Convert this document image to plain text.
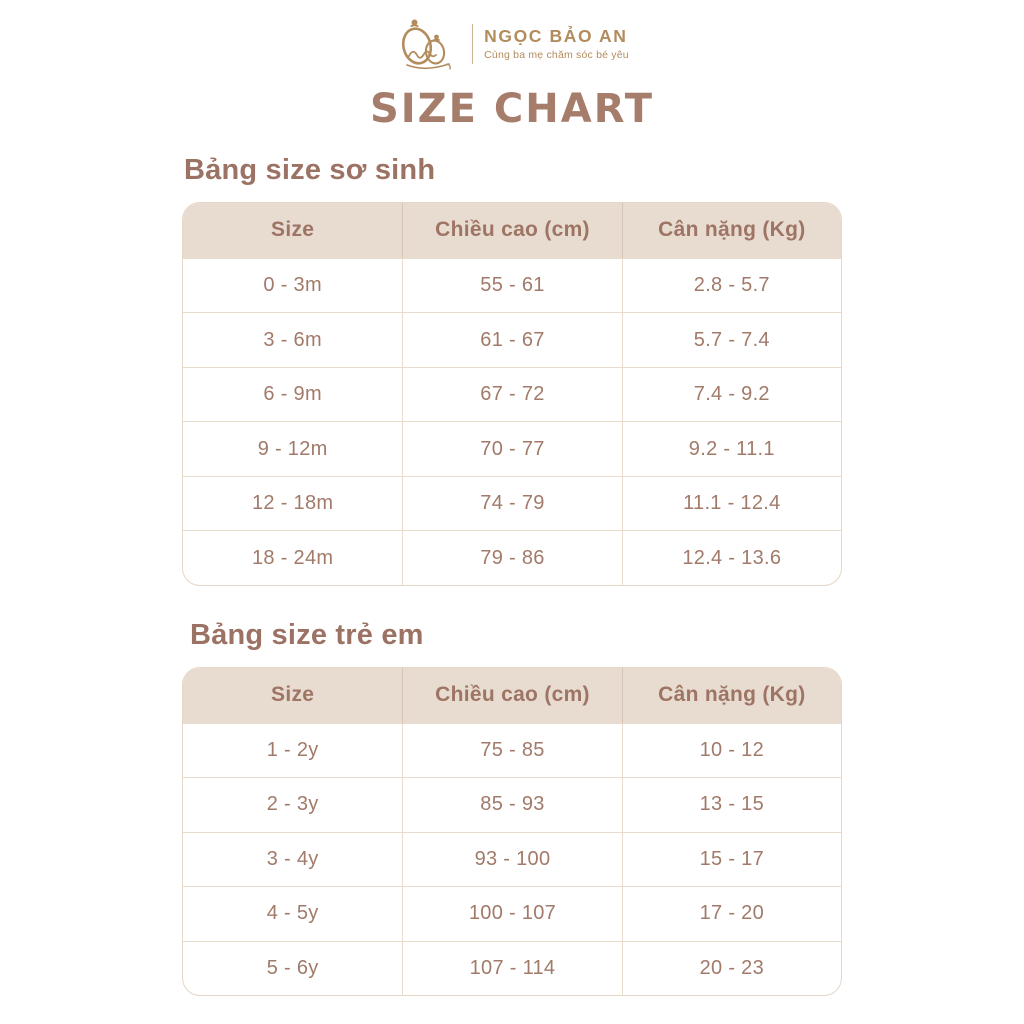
NGỌC BẢO AN
Cùng ba mẹ chăm sóc bé yêu
SIZE CHART
Bảng size sơ sinh
Size	Chiều cao (cm)	Cân nặng (Kg)
0 - 3m	55 - 61	2.8 - 5.7
3 - 6m	61 - 67	5.7 - 7.4
6 - 9m	67 - 72	7.4 - 9.2
9 - 12m	70 - 77	9.2 - 11.1
12 - 18m	74 - 79	11.1 - 12.4
18 - 24m	79 - 86	12.4 - 13.6
Bảng size trẻ em
Size	Chiều cao (cm)	Cân nặng (Kg)
1 - 2y	75 - 85	10 - 12
2 - 3y	85 - 93	13 - 15
3 - 4y	93 - 100	15 - 17
4 - 5y	100 - 107	17 - 20
5 - 6y	107 - 114	20 - 23
